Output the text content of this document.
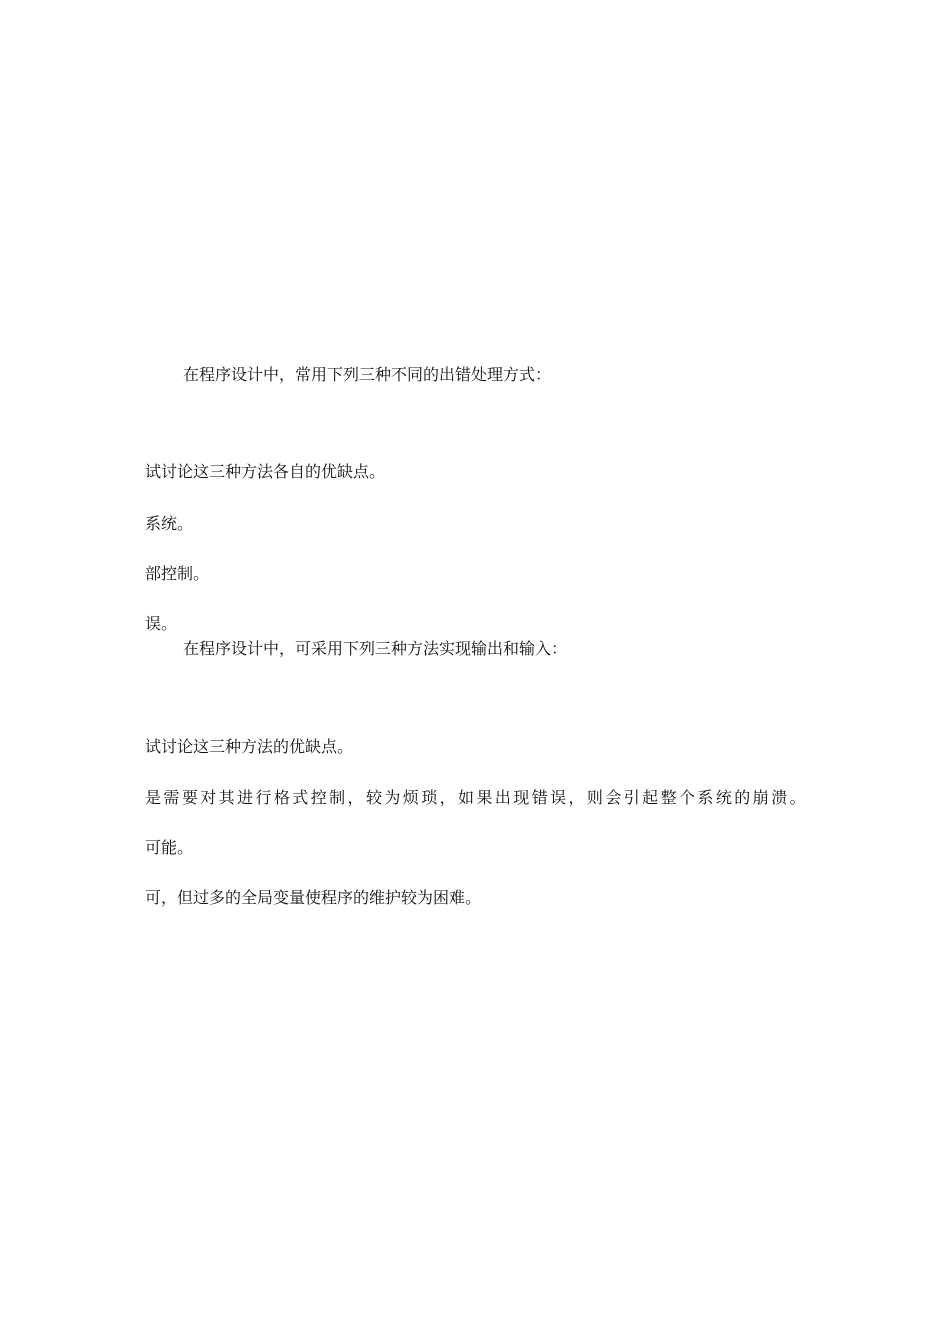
在程序设计中，常用下列三种不同的出错处理方式：

试讨论这三种方法各自的优缺点。

系统。

部控制。

误。
在程序设计中，可采用下列三种方法实现输出和输入：

试讨论这三种方法的优缺点。

是需要对其进行格式控制，较为烦琐，如果出现错误，则会引起整个系统的崩溃。

可能。

可，但过多的全局变量使程序的维护较为困难。
